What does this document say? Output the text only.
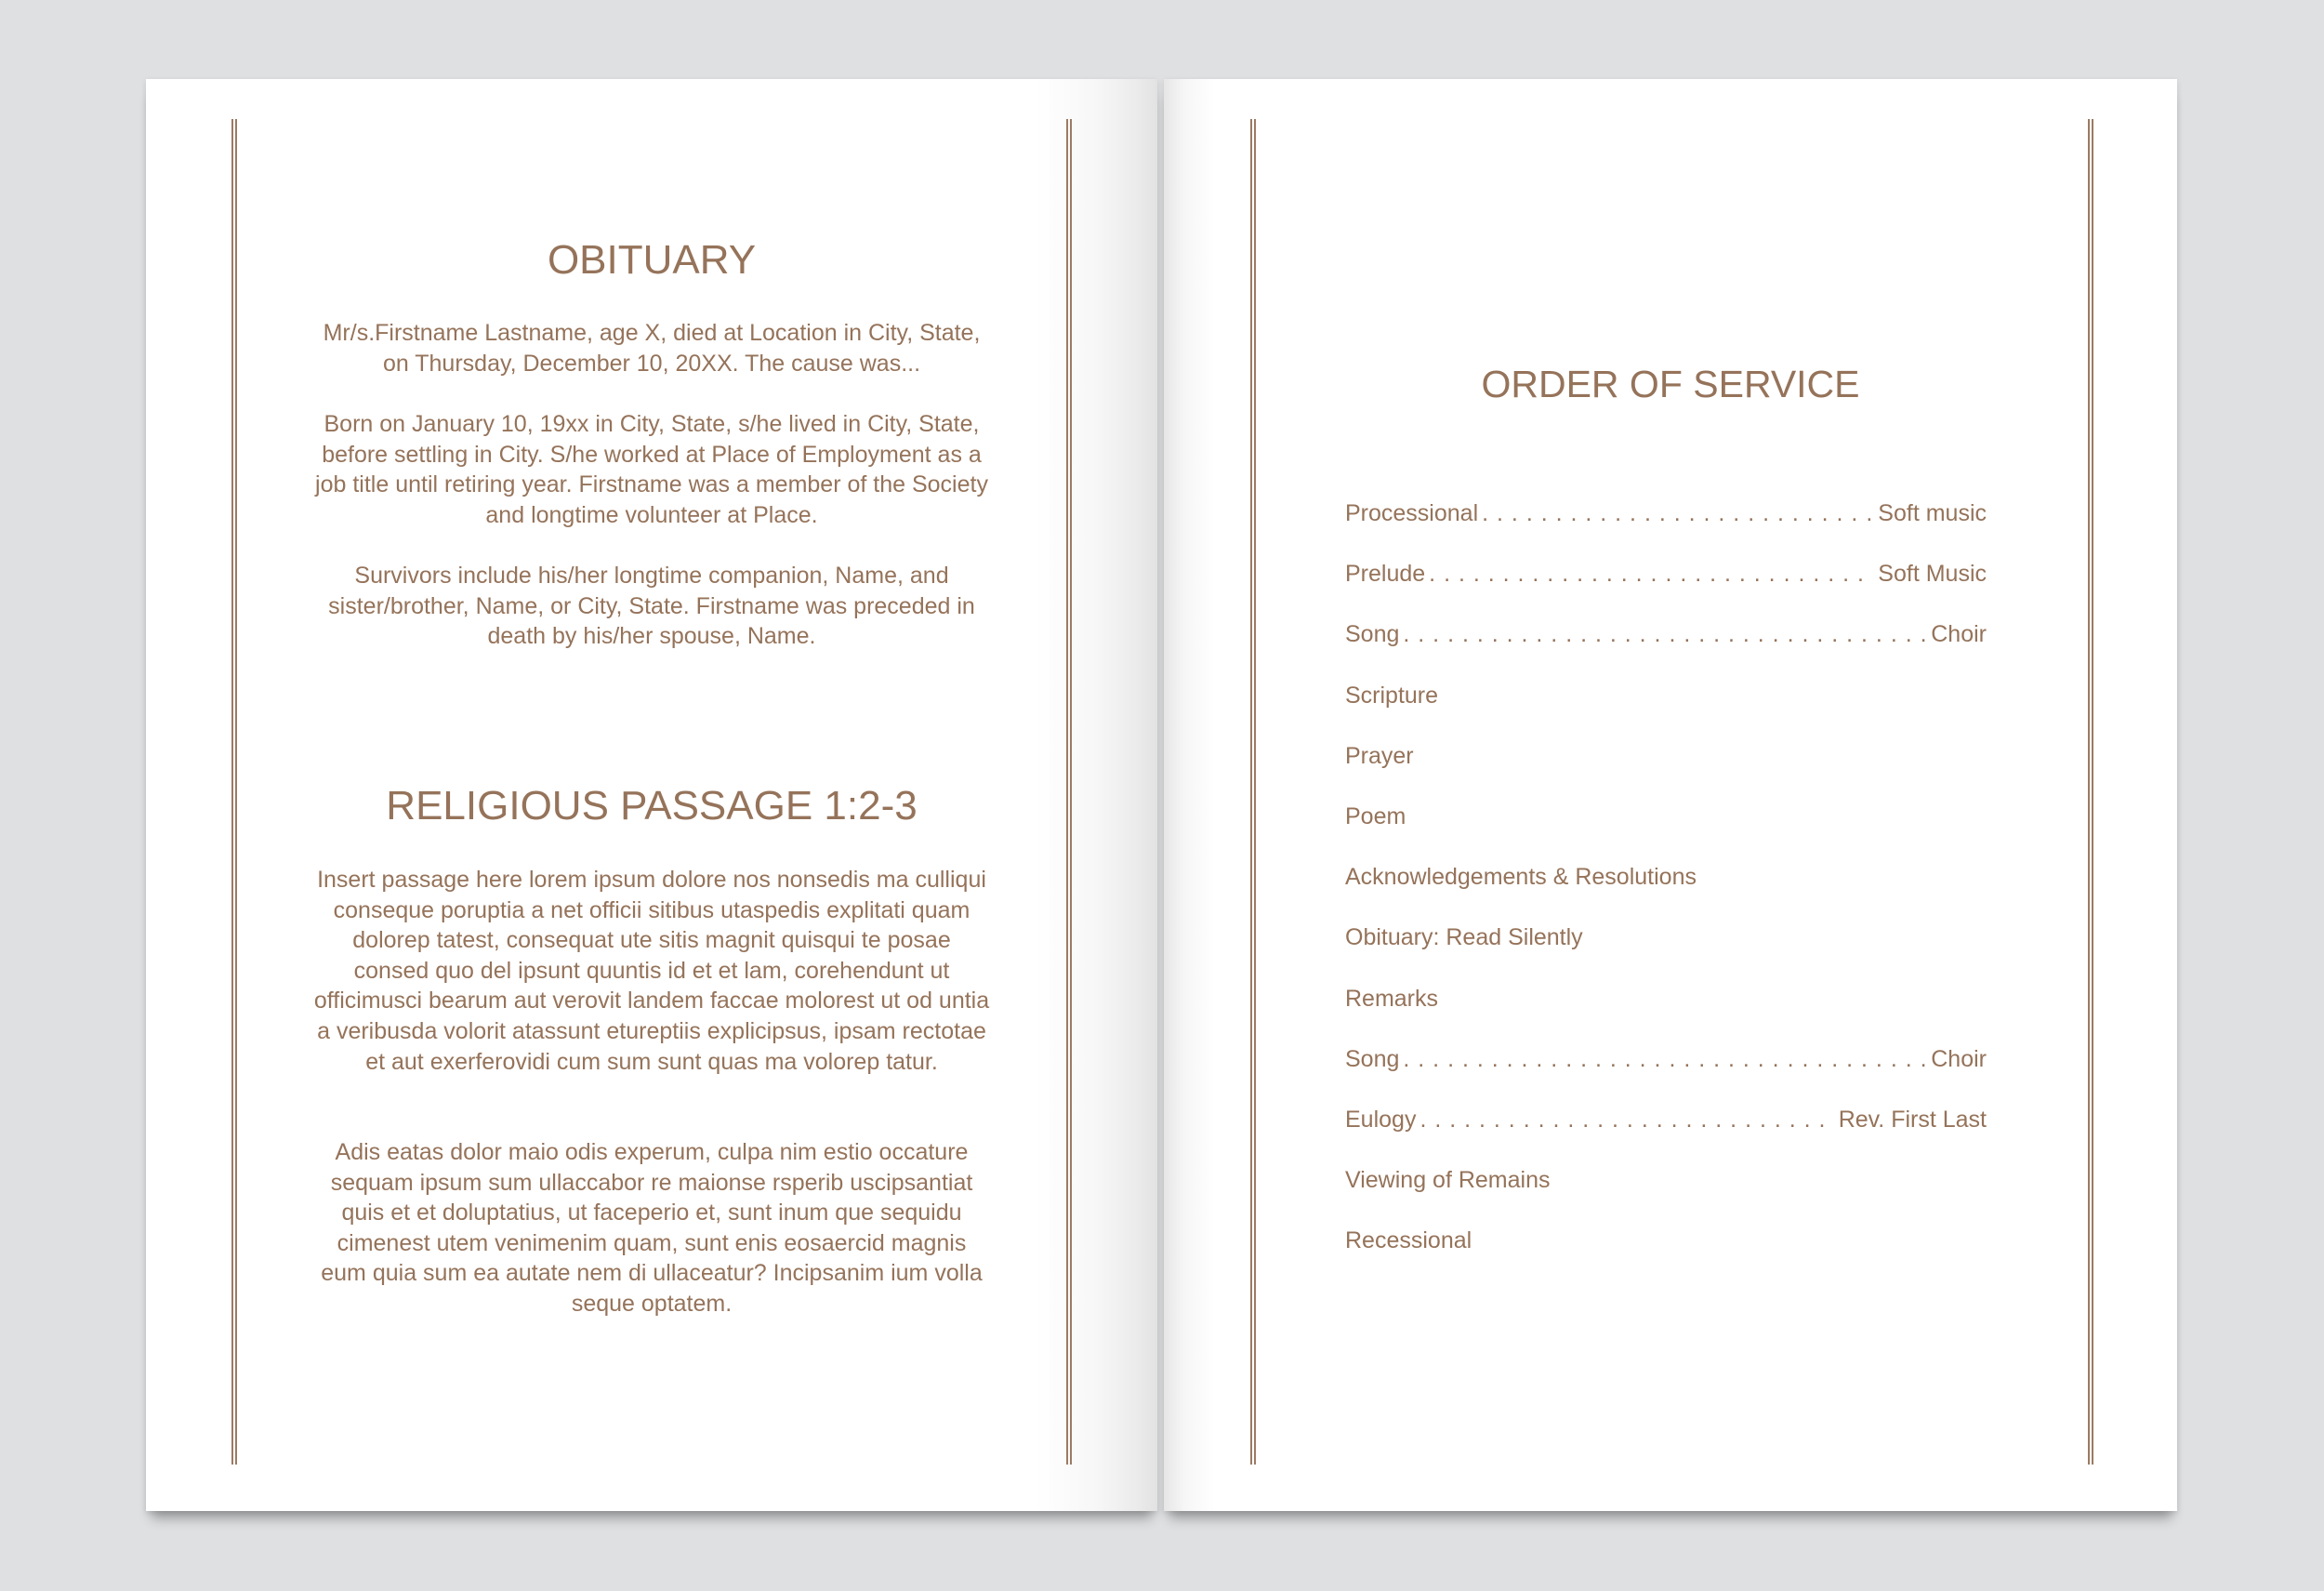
OBITUARY

Mr/s.Firstname Lastname, age X, died at Location in City, State, on Thursday, December 10, 20XX. The cause was...

Born on January 10, 19xx in City, State, s/he lived in City, State, before settling in City. S/he worked at Place of Employment as a job title until retiring year. Firstname was a member of the Society and longtime volunteer at Place.

Survivors include his/her longtime companion, Name, and sister/brother, Name, or City, State. Firstname was preceded in death by his/her spouse, Name.

RELIGIOUS PASSAGE 1:2-3

Insert passage here lorem ipsum dolore nos nonsedis ma culliqui conseque poruptia a net officii sitibus utaspedis explitati quam dolorep tatest, consequat ute sitis magnit quisqui te posae consed quo del ipsunt quuntis id et et lam, corehendunt ut officimusci bearum aut verovit landem faccae molorest ut od untia a veribusda volorit atassunt etureptiis explicipsus, ipsam rectotae et aut exerferovidi cum sum sunt quas ma volorep tatur.

Adis eatas dolor maio odis experum, culpa nim estio occature sequam ipsum sum ullaccabor re maionse rsperib uscipsantiat quis et et doluptatius, ut faceperio et, sunt inum que sequidu cimenest utem venimenim quam, sunt enis eosaercid magnis eum quia sum ea autate nem di ullaceatur? Incipsanim ium volla seque optatem.

ORDER OF SERVICE
Processional . . .	Soft music
Prelude . . .	Soft Music
Song . . .	Choir
Scripture
Prayer
Poem
Acknowledgements & Resolutions
Obituary: Read Silently
Remarks
Song . . .	Choir
Eulogy . . .	Rev. First Last
Viewing of Remains
Recessional
